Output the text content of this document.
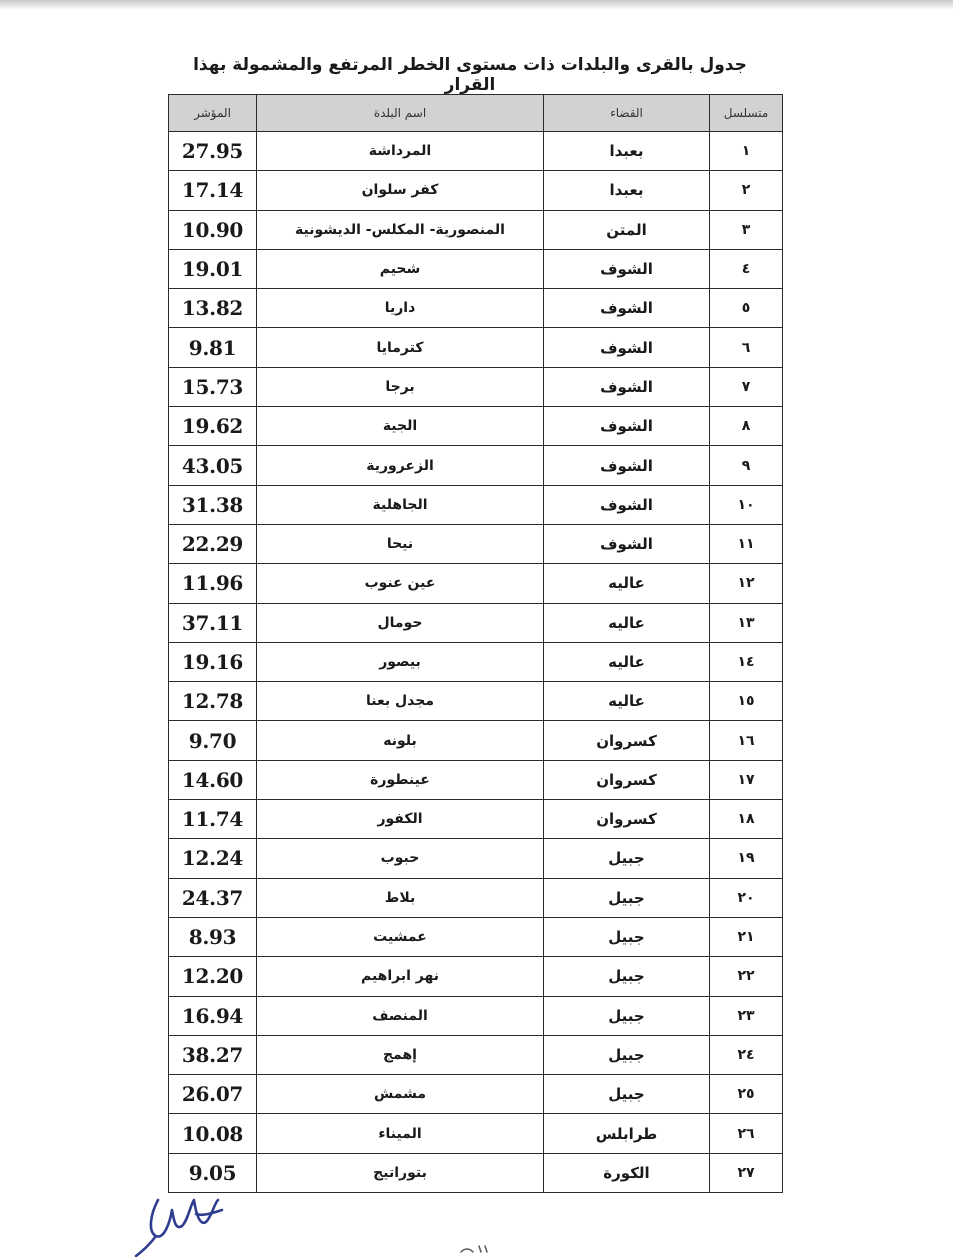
جدول بالقرى والبلدات ذات مستوى الخطر المرتفع والمشمولة بهذا القرار
متسلسل	القضاء	اسم البلدة	المؤشر
١	بعبدا	المرداشة	27.95
٢	بعبدا	كفر سلوان	17.14
٣	المتن	المنصورية- المكلس- الديشونية	10.90
٤	الشوف	شحيم	19.01
٥	الشوف	داريا	13.82
٦	الشوف	كترمايا	9.81
٧	الشوف	برجا	15.73
٨	الشوف	الجية	19.62
٩	الشوف	الزعرورية	43.05
١٠	الشوف	الجاهلية	31.38
١١	الشوف	نيحا	22.29
١٢	عاليه	عين عنوب	11.96
١٣	عاليه	حومال	37.11
١٤	عاليه	بيصور	19.16
١٥	عاليه	مجدل بعنا	12.78
١٦	كسروان	بلونه	9.70
١٧	كسروان	عينطورة	14.60
١٨	كسروان	الكفور	11.74
١٩	جبيل	حبوب	12.24
٢٠	جبيل	بلاط	24.37
٢١	جبيل	عمشيت	8.93
٢٢	جبيل	نهر ابراهيم	12.20
٢٣	جبيل	المنصف	16.94
٢٤	جبيل	إهمج	38.27
٢٥	جبيل	مشمش	26.07
٢٦	طرابلس	الميناء	10.08
٢٧	الكورة	بتوراتيج	9.05
